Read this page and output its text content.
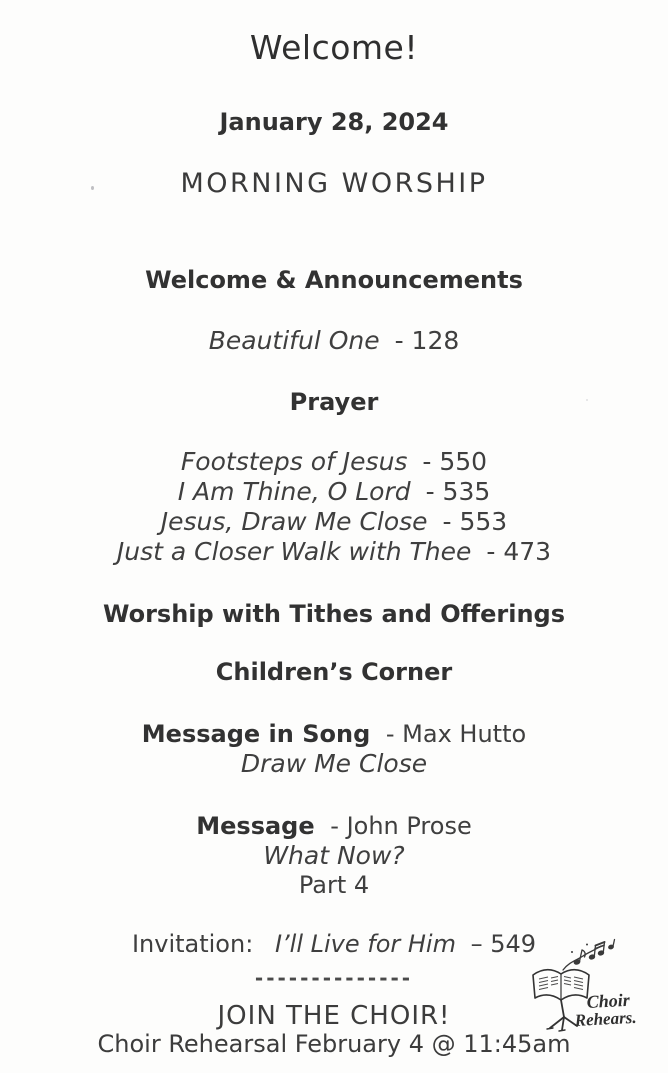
Welcome!
January 28, 2024
MORNING WORSHIP
Welcome & Announcements
Beautiful One - 128
Prayer
Footsteps of Jesus - 550
I Am Thine, O Lord - 535
Jesus, Draw Me Close - 553
Just a Closer Walk with Thee - 473
Worship with Tithes and Offerings
Children’s Corner
Message in Song - Max Hutto
Draw Me Close
Message - John Prose
What Now?
Part 4
Invitation: I’ll Live for Him – 549
--------------
JOIN THE CHOIR!
Choir Rehearsal February 4 @ 11:45am
Choir
Rehears.
